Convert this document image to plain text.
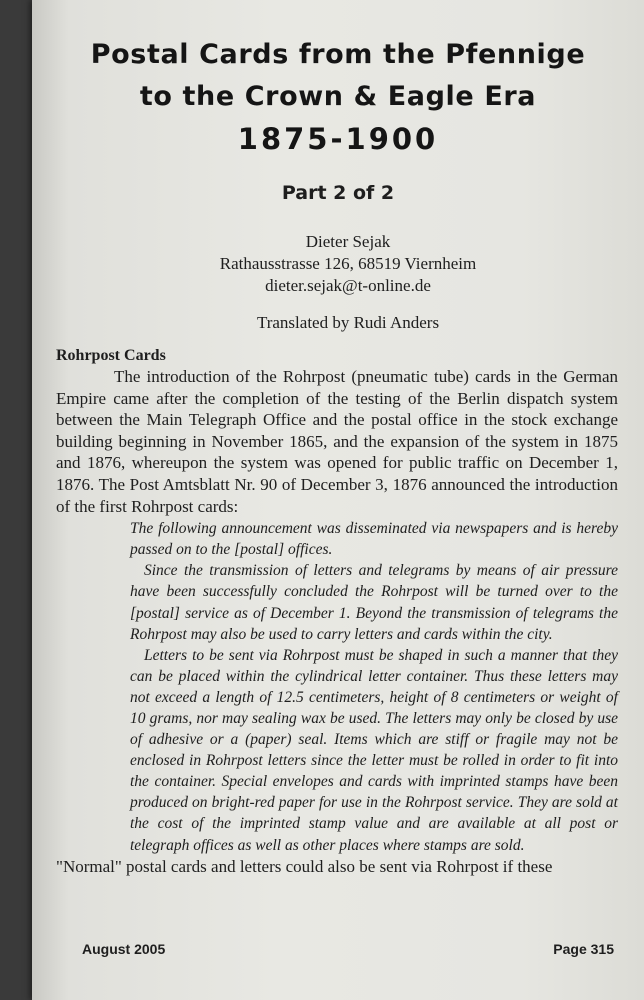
Postal Cards from the Pfennige
to the Crown & Eagle Era
1875-1900
Part 2 of 2
Dieter Sejak
Rathausstrasse 126, 68519 Viernheim
dieter.sejak@t-online.de
Translated by Rudi Anders
Rohrpost Cards

The introduction of the Rohrpost (pneumatic tube) cards in the German Empire came after the completion of the testing of the Berlin dispatch system between the Main Telegraph Office and the postal office in the stock exchange building beginning in November 1865, and the expansion of the system in 1875 and 1876, whereupon the system was opened for public traffic on December 1, 1876. The Post Amtsblatt Nr. 90 of December 3, 1876 announced the introduction of the first Rohrpost cards:

The following announcement was disseminated via newspapers and is hereby passed on to the [postal] offices.

Since the transmission of letters and telegrams by means of air pressure have been successfully concluded the Rohrpost will be turned over to the [postal] service as of December 1. Beyond the transmission of telegrams the Rohrpost may also be used to carry letters and cards within the city.

Letters to be sent via Rohrpost must be shaped in such a manner that they can be placed within the cylindrical letter container. Thus these letters may not exceed a length of 12.5 centimeters, height of 8 centimeters or weight of 10 grams, nor may sealing wax be used. The letters may only be closed by use of adhesive or a (paper) seal. Items which are stiff or fragile may not be enclosed in Rohrpost letters since the letter must be rolled in order to fit into the container. Special envelopes and cards with imprinted stamps have been produced on bright-red paper for use in the Rohrpost service. They are sold at the cost of the imprinted stamp value and are available at all post or telegraph offices as well as other places where stamps are sold.

"Normal" postal cards and letters could also be sent via Rohrpost if these

August 2005	Page 315
